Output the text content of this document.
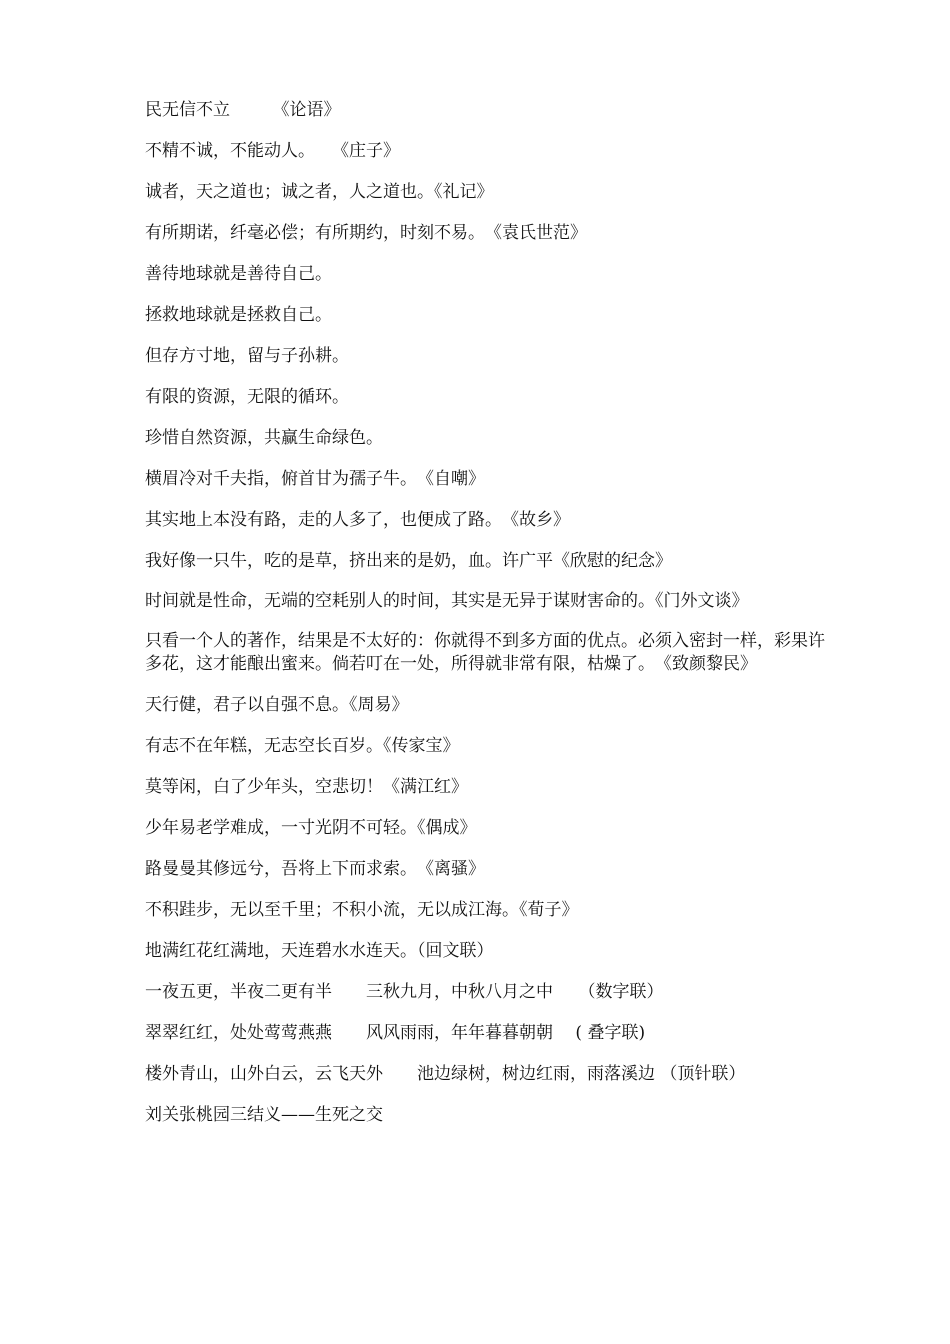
民无信不立　　　《论语》

不精不诚，不能动人。　　《庄子》

诚者，天之道也；诚之者，人之道也。《礼记》

有所期诺，纤毫必偿；有所期约，时刻不易。　《袁氏世范》

善待地球就是善待自己。

拯救地球就是拯救自己。

但存方寸地，留与子孙耕。

有限的资源，无限的循环。

珍惜自然资源，共赢生命绿色。

横眉冷对千夫指，俯首甘为孺子牛。　《自嘲》

其实地上本没有路，走的人多了，也便成了路。　《故乡》

我好像一只牛，吃的是草，挤出来的是奶，血。许广平《欣慰的纪念》

时间就是性命，无端的空耗别人的时间，其实是无异于谋财害命的。《门外文谈》

只看一个人的著作，结果是不太好的：你就得不到多方面的优点。必须入密封一样，彩果许多花，这才能酿出蜜来。倘若叮在一处，所得就非常有限，枯燥了。　《致颜黎民》

天行健，君子以自强不息。《周易》

有志不在年糕，无志空长百岁。《传家宝》

莫等闲，白了少年头，空悲切！《满江红》

少年易老学难成，一寸光阴不可轻。《偶成》

路曼曼其修远兮，吾将上下而求索。　《离骚》

不积跬步，无以至千里；不积小流，无以成江海。《荀子》

地满红花红满地，天连碧水水连天。（回文联）

一夜五更，半夜二更有半　　三秋九月，中秋八月之中　　（数字联）

翠翠红红，处处莺莺燕燕　　风风雨雨，年年暮暮朝朝　 ( 叠字联)

楼外青山，山外白云，云飞天外　　池边绿树，树边红雨，雨落溪边 （顶针联）

刘关张桃园三结义——生死之交
